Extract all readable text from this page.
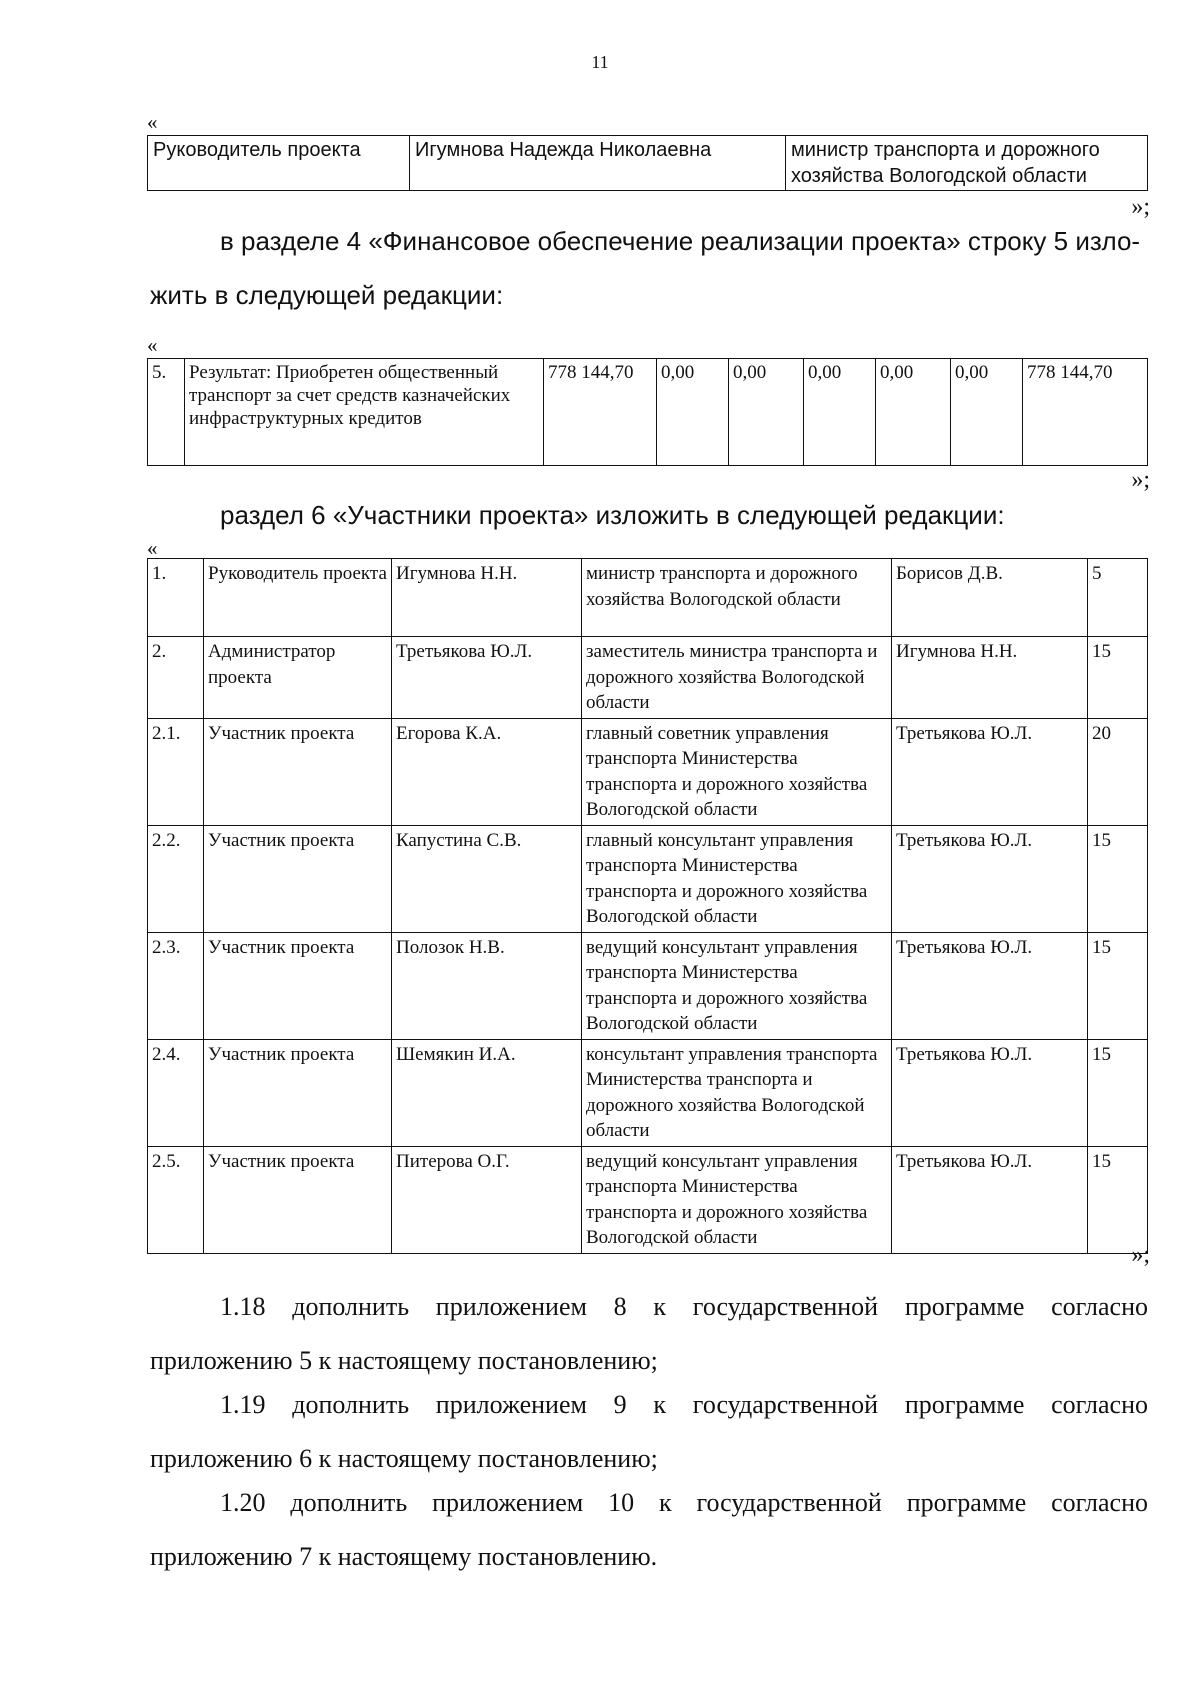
11
«
Руководитель проекта	Игумнова Надежда Николаевна	министр транспорта и дорожного хозяйства Вологодской области
»;
в разделе 4 «Финансовое обеспечение реализации проекта» строку 5 изло-
жить в следующей редакции:
«
5.	Результат: Приобретен общественный транспорт за счет средств казначейских инфраструктурных кредитов	778 144,70	0,00	0,00	0,00	0,00	0,00	778 144,70
»;
раздел 6 «Участники проекта» изложить в следующей редакции:
«
1.	Руководитель проекта	Игумнова Н.Н.	министр транспорта и дорожного хозяйства Вологодской области	Борисов Д.В.	5
2.	Администратор проекта	Третьякова Ю.Л.	заместитель министра транспорта и дорожного хозяйства Вологодской области	Игумнова Н.Н.	15
2.1.	Участник проекта	Егорова К.А.	главный советник управления транспорта Министерства транспорта и дорожного хозяйства Вологодской области	Третьякова Ю.Л.	20
2.2.	Участник проекта	Капустина С.В.	главный консультант управления транспорта Министерства транспорта и дорожного хозяйства Вологодской области	Третьякова Ю.Л.	15
2.3.	Участник проекта	Полозок Н.В.	ведущий консультант управления транспорта Министерства транспорта и дорожного хозяйства Вологодской области	Третьякова Ю.Л.	15
2.4.	Участник проекта	Шемякин И.А.	консультант управления транспорта Министерства транспорта и дорожного хозяйства Вологодской области	Третьякова Ю.Л.	15
2.5.	Участник проекта	Питерова О.Г.	ведущий консультант управления транспорта Министерства транспорта и дорожного хозяйства Вологодской области	Третьякова Ю.Л.	15
»;

1.18 дополнить приложением 8 к государственной программе согласно приложению 5 к настоящему постановлению;

1.19 дополнить приложением 9 к государственной программе согласно приложению 6 к настоящему постановлению;

1.20 дополнить приложением 10 к государственной программе согласно приложению 7 к настоящему постановлению.
